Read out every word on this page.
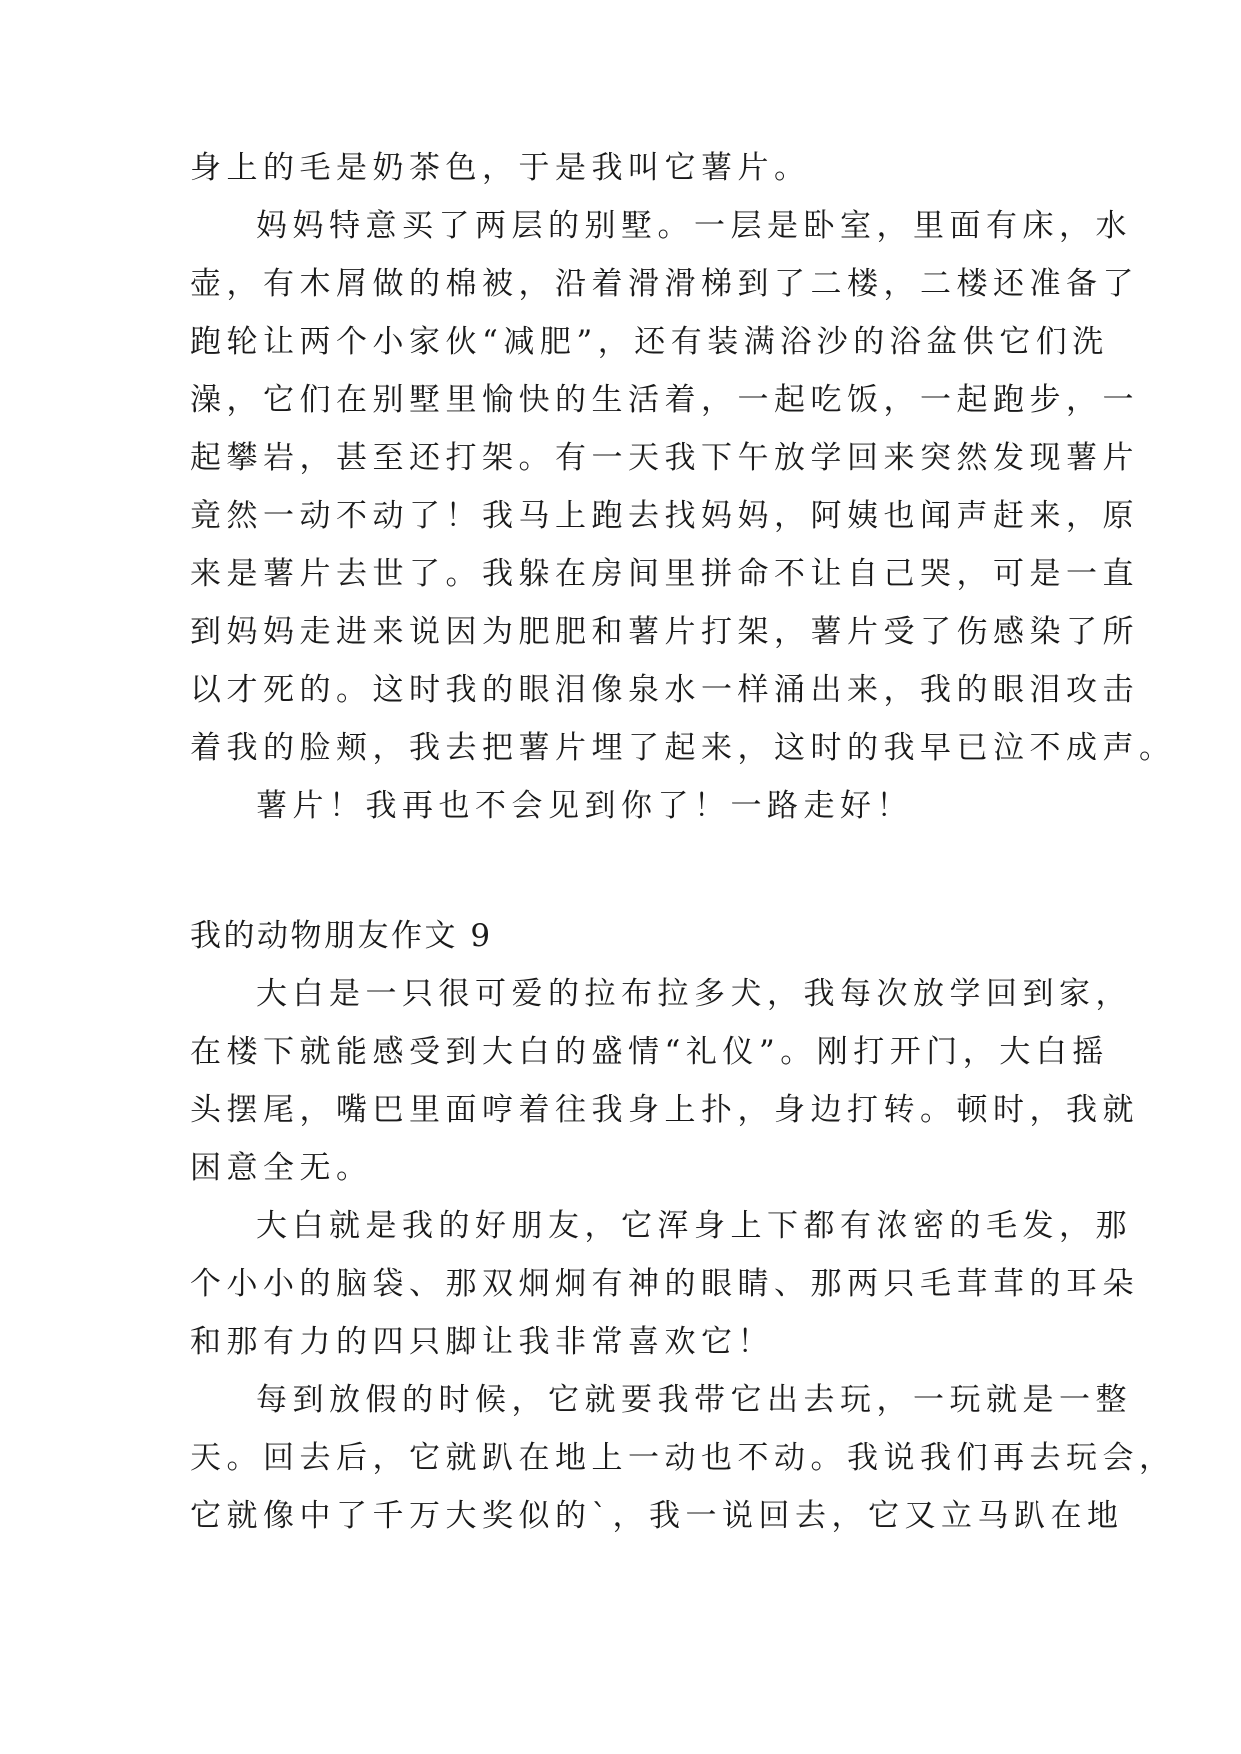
身上的毛是奶茶色，于是我叫它薯片。
妈妈特意买了两层的别墅。一层是卧室，里面有床，水
壶，有木屑做的棉被，沿着滑滑梯到了二楼，二楼还准备了
跑轮让两个小家伙“减肥”，还有装满浴沙的浴盆供它们洗
澡，它们在别墅里愉快的生活着，一起吃饭，一起跑步，一
起攀岩，甚至还打架。有一天我下午放学回来突然发现薯片
竟然一动不动了！我马上跑去找妈妈，阿姨也闻声赶来，原
来是薯片去世了。我躲在房间里拼命不让自己哭，可是一直
到妈妈走进来说因为肥肥和薯片打架，薯片受了伤感染了所
以才死的。这时我的眼泪像泉水一样涌出来，我的眼泪攻击
着我的脸颊，我去把薯片埋了起来，这时的我早已泣不成声。
薯片！我再也不会见到你了！一路走好！
我的动物朋友作文 9
大白是一只很可爱的拉布拉多犬，我每次放学回到家，
在楼下就能感受到大白的盛情“礼仪”。刚打开门，大白摇
头摆尾，嘴巴里面哼着往我身上扑，身边打转。顿时，我就
困意全无。
大白就是我的好朋友，它浑身上下都有浓密的毛发，那
个小小的脑袋、那双炯炯有神的眼睛、那两只毛茸茸的耳朵
和那有力的四只脚让我非常喜欢它！
每到放假的时候，它就要我带它出去玩，一玩就是一整
天。回去后，它就趴在地上一动也不动。我说我们再去玩会，
它就像中了千万大奖似的`，我一说回去，它又立马趴在地
